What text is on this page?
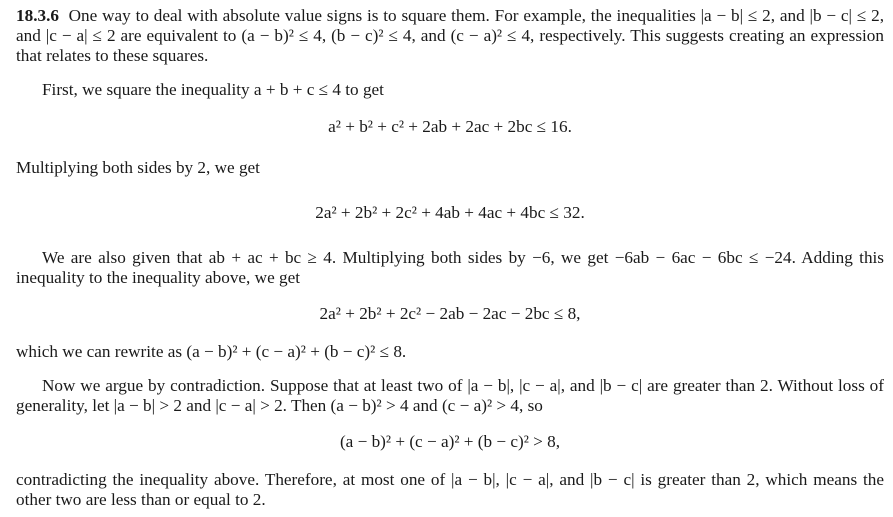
18.3.6 One way to deal with absolute value signs is to square them. For example, the inequalities |a − b| ≤ 2, and |b − c| ≤ 2, and |c − a| ≤ 2 are equivalent to (a − b)² ≤ 4, (b − c)² ≤ 4, and (c − a)² ≤ 4, respectively. This suggests creating an expression that relates to these squares.

First, we square the inequality a + b + c ≤ 4 to get

a² + b² + c² + 2ab + 2ac + 2bc ≤ 16.

Multiplying both sides by 2, we get

2a² + 2b² + 2c² + 4ab + 4ac + 4bc ≤ 32.

We are also given that ab + ac + bc ≥ 4. Multiplying both sides by −6, we get −6ab − 6ac − 6bc ≤ −24. Adding this inequality to the inequality above, we get

2a² + 2b² + 2c² − 2ab − 2ac − 2bc ≤ 8,

which we can rewrite as (a − b)² + (c − a)² + (b − c)² ≤ 8.

Now we argue by contradiction. Suppose that at least two of |a − b|, |c − a|, and |b − c| are greater than 2. Without loss of generality, let |a − b| > 2 and |c − a| > 2. Then (a − b)² > 4 and (c − a)² > 4, so

(a − b)² + (c − a)² + (b − c)² > 8,

contradicting the inequality above. Therefore, at most one of |a − b|, |c − a|, and |b − c| is greater than 2, which means the other two are less than or equal to 2.
